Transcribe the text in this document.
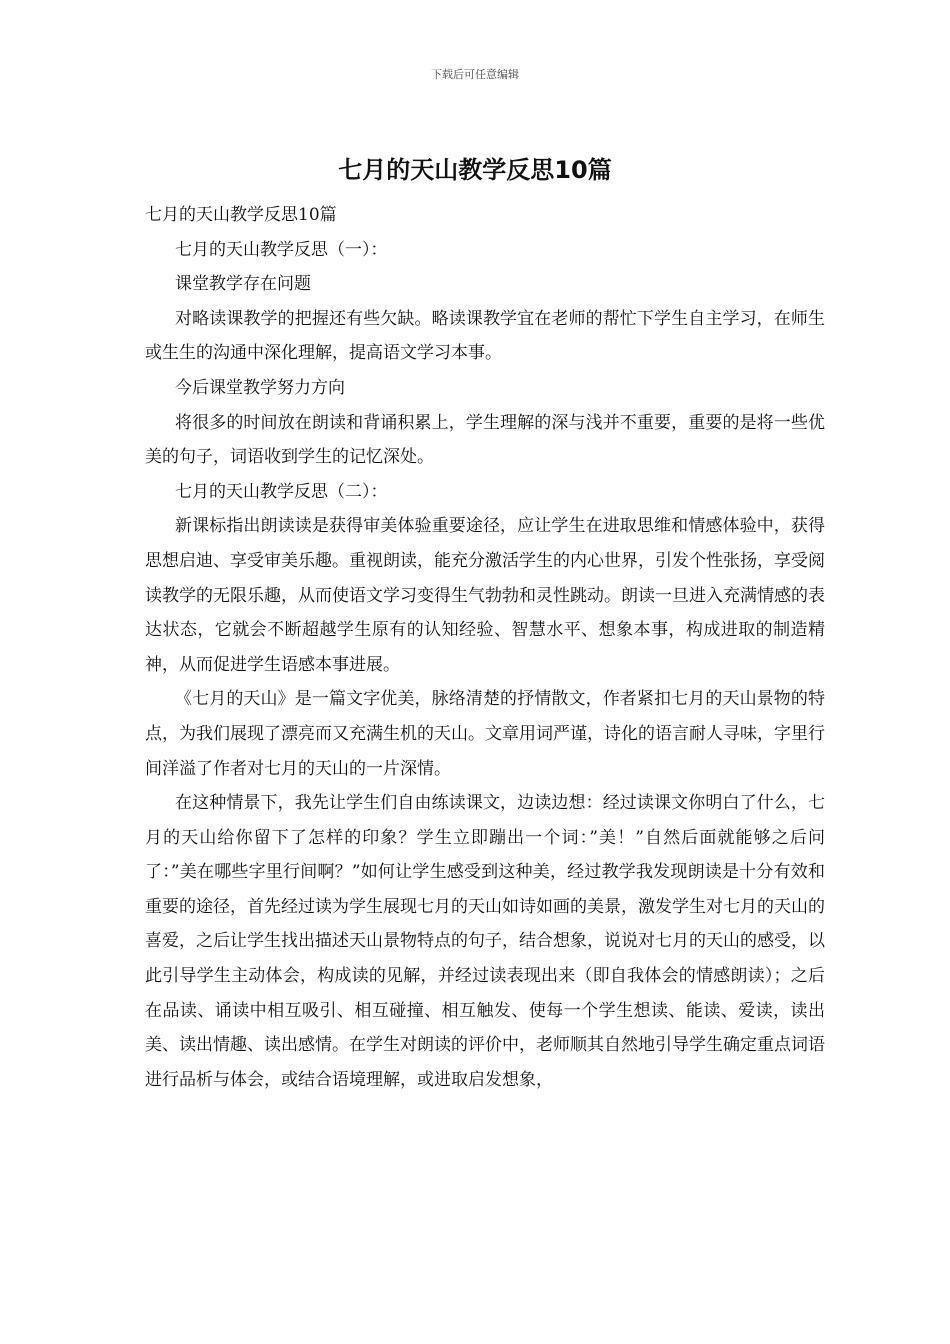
下载后可任意编辑
七月的天山教学反思10篇

七月的天山教学反思10篇

七月的天山教学反思（一）：

课堂教学存在问题

对略读课教学的把握还有些欠缺。略读课教学宜在老师的帮忙下学生自主学习，在师生或生生的沟通中深化理解，提高语文学习本事。

今后课堂教学努力方向

将很多的时间放在朗读和背诵积累上，学生理解的深与浅并不重要，重要的是将一些优美的句子，词语收到学生的记忆深处。

七月的天山教学反思（二）：

新课标指出朗读读是获得审美体验重要途径，应让学生在进取思维和情感体验中，获得思想启迪、享受审美乐趣。重视朗读，能充分激活学生的内心世界，引发个性张扬，享受阅读教学的无限乐趣，从而使语文学习变得生气勃勃和灵性跳动。朗读一旦进入充满情感的表达状态，它就会不断超越学生原有的认知经验、智慧水平、想象本事，构成进取的制造精神，从而促进学生语感本事进展。

《七月的天山》是一篇文字优美，脉络清楚的抒情散文，作者紧扣七月的天山景物的特点，为我们展现了漂亮而又充满生机的天山。文章用词严谨，诗化的语言耐人寻味，字里行间洋溢了作者对七月的天山的一片深情。

在这种情景下，我先让学生们自由练读课文，边读边想：经过读课文你明白了什么，七月的天山给你留下了怎样的印象？学生立即蹦出一个词：”美！”自然后面就能够之后问了：”美在哪些字里行间啊？”如何让学生感受到这种美，经过教学我发现朗读是十分有效和重要的途径，首先经过读为学生展现七月的天山如诗如画的美景，激发学生对七月的天山的喜爱，之后让学生找出描述天山景物特点的句子，结合想象，说说对七月的天山的感受，以此引导学生主动体会，构成读的见解，并经过读表现出来（即自我体会的情感朗读）；之后在品读、诵读中相互吸引、相互碰撞、相互触发、使每一个学生想读、能读、爱读，读出美、读出情趣、读出感情。在学生对朗读的评价中，老师顺其自然地引导学生确定重点词语进行品析与体会，或结合语境理解，或进取启发想象，
